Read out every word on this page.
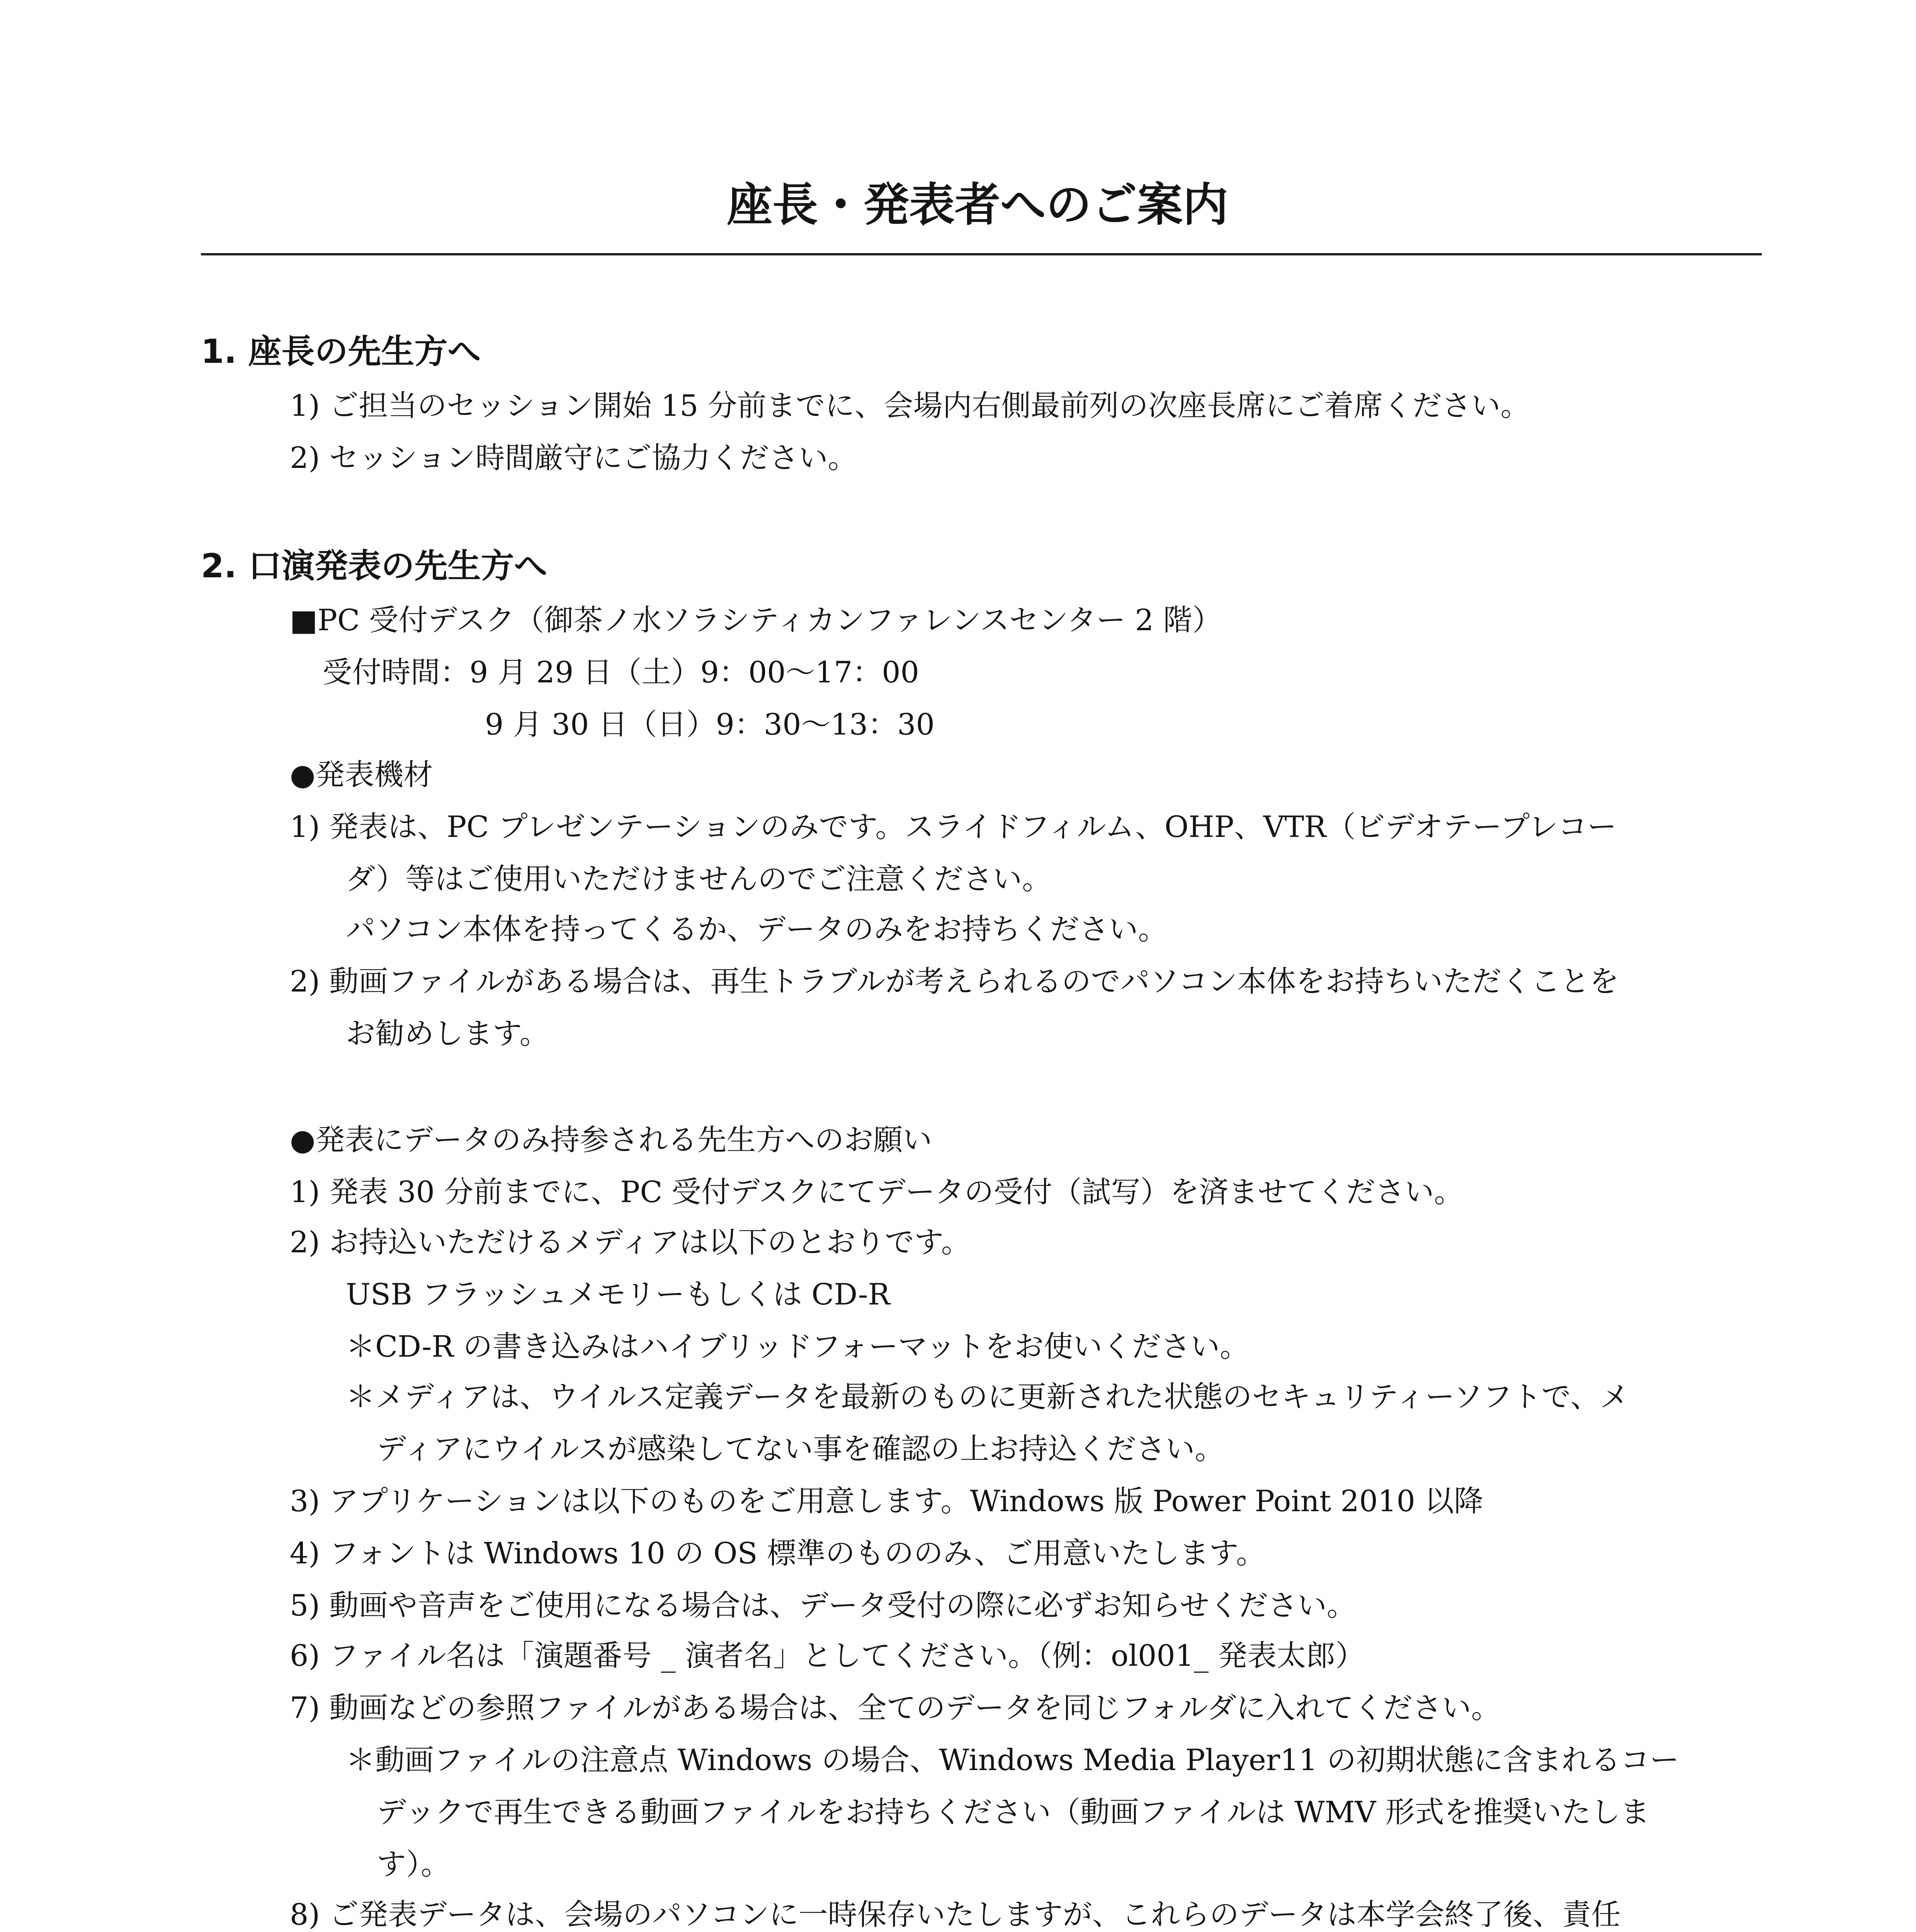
座長・発表者へのご案内
1. 座長の先生方へ
1) ご担当のセッション開始 15 分前までに、会場内右側最前列の次座長席にご着席ください。
2) セッション時間厳守にご協力ください。
2. 口演発表の先生方へ
■PC 受付デスク（御茶ノ水ソラシティカンファレンスセンター 2 階）
受付時間：9 月 29 日（土）9：00〜17：00
9 月 30 日（日）9：30〜13：30
●発表機材
1) 発表は、PC プレゼンテーションのみです。スライドフィルム、OHP、VTR（ビデオテープレコー
ダ）等はご使用いただけませんのでご注意ください。
パソコン本体を持ってくるか、データのみをお持ちください。
2) 動画ファイルがある場合は、再生トラブルが考えられるのでパソコン本体をお持ちいただくことを
お勧めします。
●発表にデータのみ持参される先生方へのお願い
1) 発表 30 分前までに、PC 受付デスクにてデータの受付（試写）を済ませてください。
2) お持込いただけるメディアは以下のとおりです。
USB フラッシュメモリーもしくは CD-R
＊CD-R の書き込みはハイブリッドフォーマットをお使いください。
＊メディアは、ウイルス定義データを最新のものに更新された状態のセキュリティーソフトで、メ
ディアにウイルスが感染してない事を確認の上お持込ください。
3) アプリケーションは以下のものをご用意します。Windows 版 Power Point 2010 以降
4) フォントは Windows 10 の OS 標準のもののみ、ご用意いたします。
5) 動画や音声をご使用になる場合は、データ受付の際に必ずお知らせください。
6) ファイル名は「演題番号 _ 演者名」としてください。（例：ol001_ 発表太郎）
7) 動画などの参照ファイルがある場合は、全てのデータを同じフォルダに入れてください。
＊動画ファイルの注意点 Windows の場合、Windows Media Player11 の初期状態に含まれるコー
デックで再生できる動画ファイルをお持ちください（動画ファイルは WMV 形式を推奨いたしま
す）。
8) ご発表データは、会場のパソコンに一時保存いたしますが、これらのデータは本学会終了後、責任
